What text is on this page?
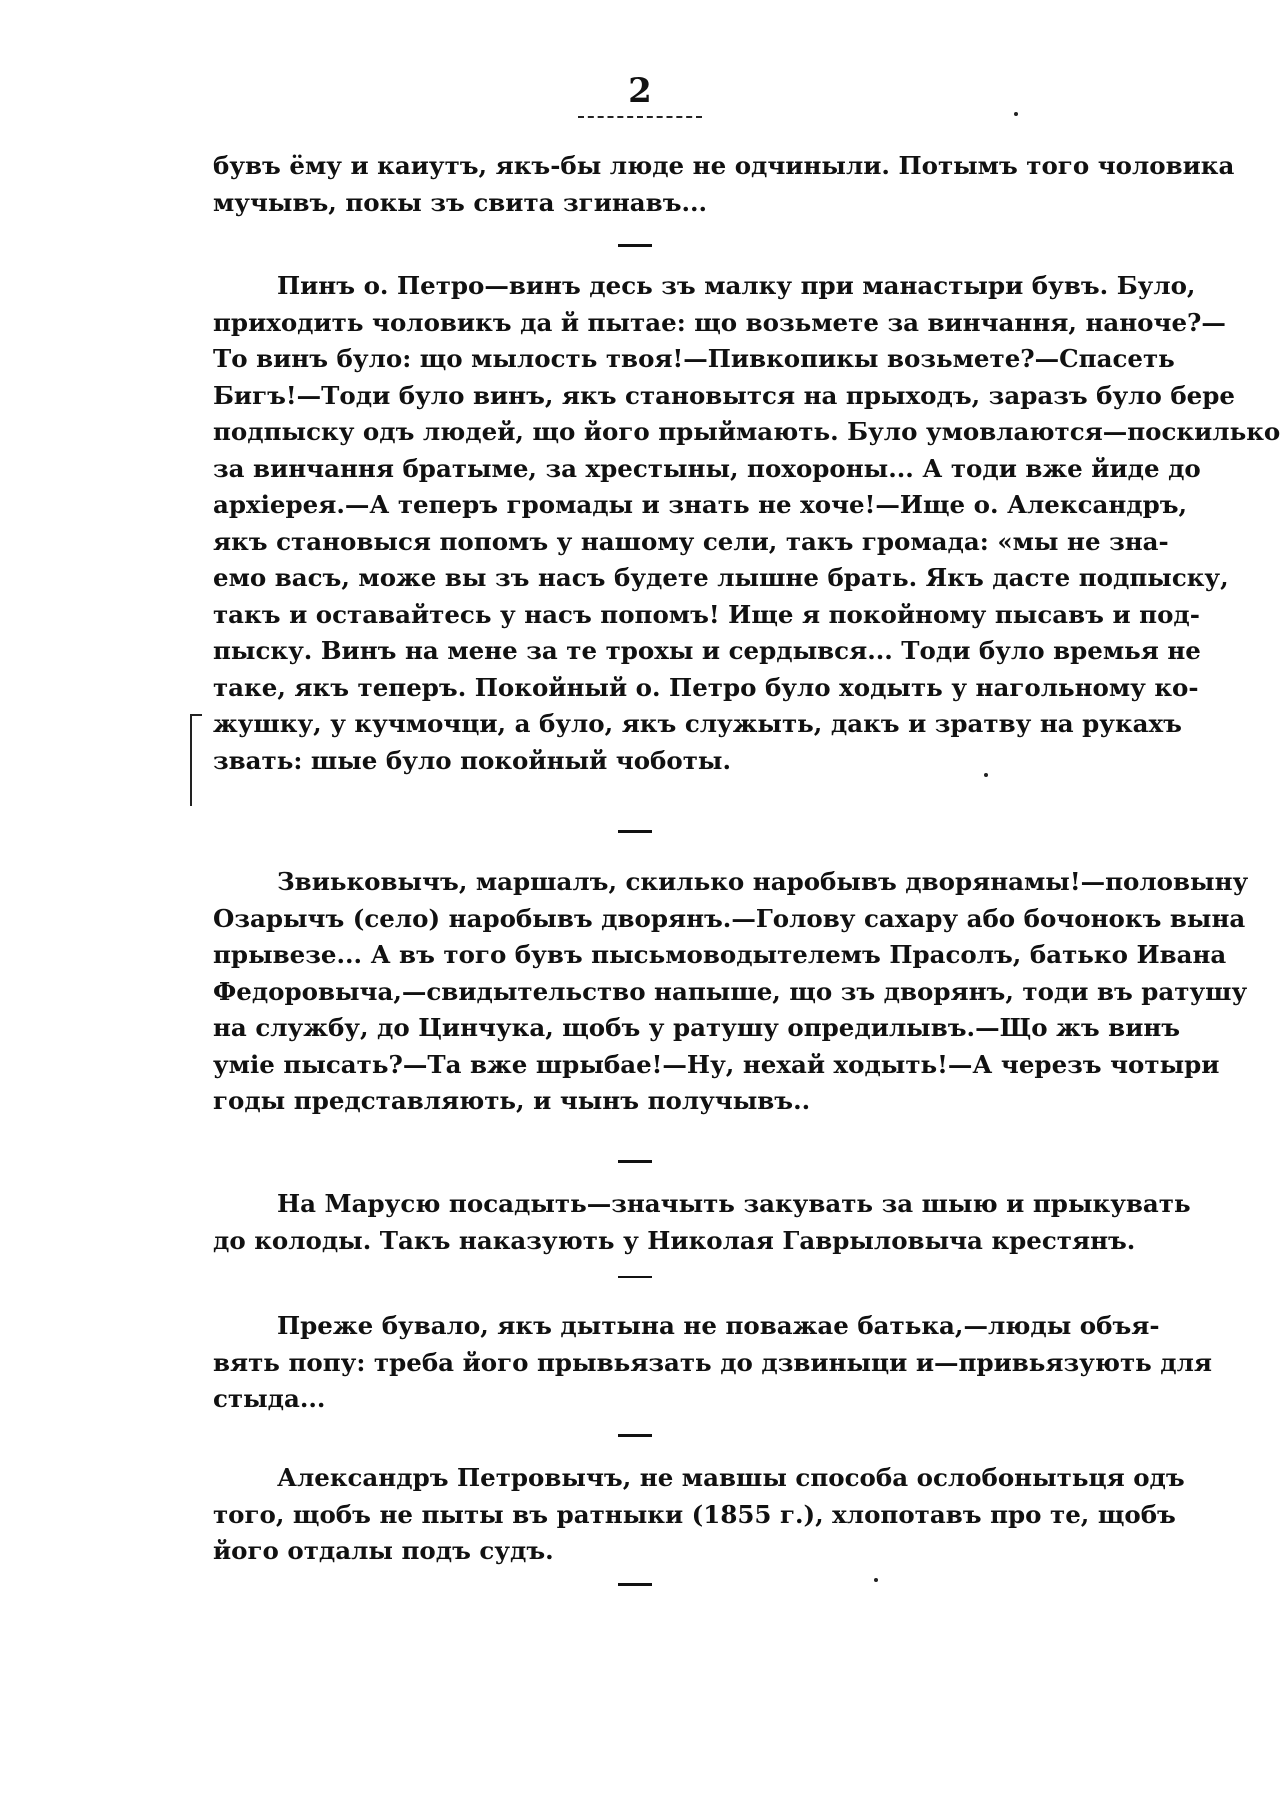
2
бувъ ёму и каиутъ, якъ-бы люде не одчиныли. Потымъ того чоловика
мучывъ, покы зъ свита згинавъ...
Пинъ о. Петро—винъ десь зъ малку при манастыри бувъ. Було,
приходить чоловикъ да й пытае: що возьмете за винчання, наноче?—
То винъ було: що мылость твоя!—Пивкопикы возьмете?—Спасеть
Бигъ!—Тоди було винъ, якъ становытся на прыходъ, заразъ було бере
подпыску одъ людей, що його прыймають. Було умовлаются—поскилько
за винчання братыме, за хрестыны, похороны... А тоди вже йиде до
архіерея.—А теперъ громады и знать не хоче!—Ище о. Александръ,
якъ становыся попомъ у нашому сели, такъ громада: «мы не зна-
емо васъ, може вы зъ насъ будете лышне брать. Якъ дасте подпыску,
такъ и оставайтесь у насъ попомъ! Ище я покойному пысавъ и под-
пыску. Винъ на мене за те трохы и сердывся... Тоди було времья не
таке, якъ теперъ. Покойный о. Петро було ходыть у нагольному ко-
жушку, у кучмочци, а було, якъ служыть, дакъ и зратву на рукахъ
звать: шые було покойный чоботы.
Звиьковычъ, маршалъ, скилько наробывъ дворянамы!—половыну
Озарычъ (село) наробывъ дворянъ.—Голову сахару або бочонокъ вына
прывезе... А въ того бувъ пысьмоводытелемъ Прасолъ, батько Ивана
Федоровыча,—свидытельство напыше, що зъ дворянъ, тоди въ ратушу
на службу, до Цинчука, щобъ у ратушу опредилывъ.—Що жъ винъ
уміе пысать?—Та вже шрыбае!—Ну, нехай ходыть!—А черезъ чотыри
годы представляють, и чынъ получывъ..
На Марусю посадыть—значыть закувать за шыю и прыкувать
до колоды. Такъ наказують у Николая Гаврыловыча крестянъ.
Преже бувало, якъ дытына не поважае батька,—люды объя-
вять попу: треба його прывьязать до дзвиныци и—привьязують для
стыда...
Александръ Петровычъ, не мавшы способа ослобонытьця одъ
того, щобъ не пыты въ ратныки (1855 г.), хлопотавъ про те, щобъ
його отдалы подъ судъ.
